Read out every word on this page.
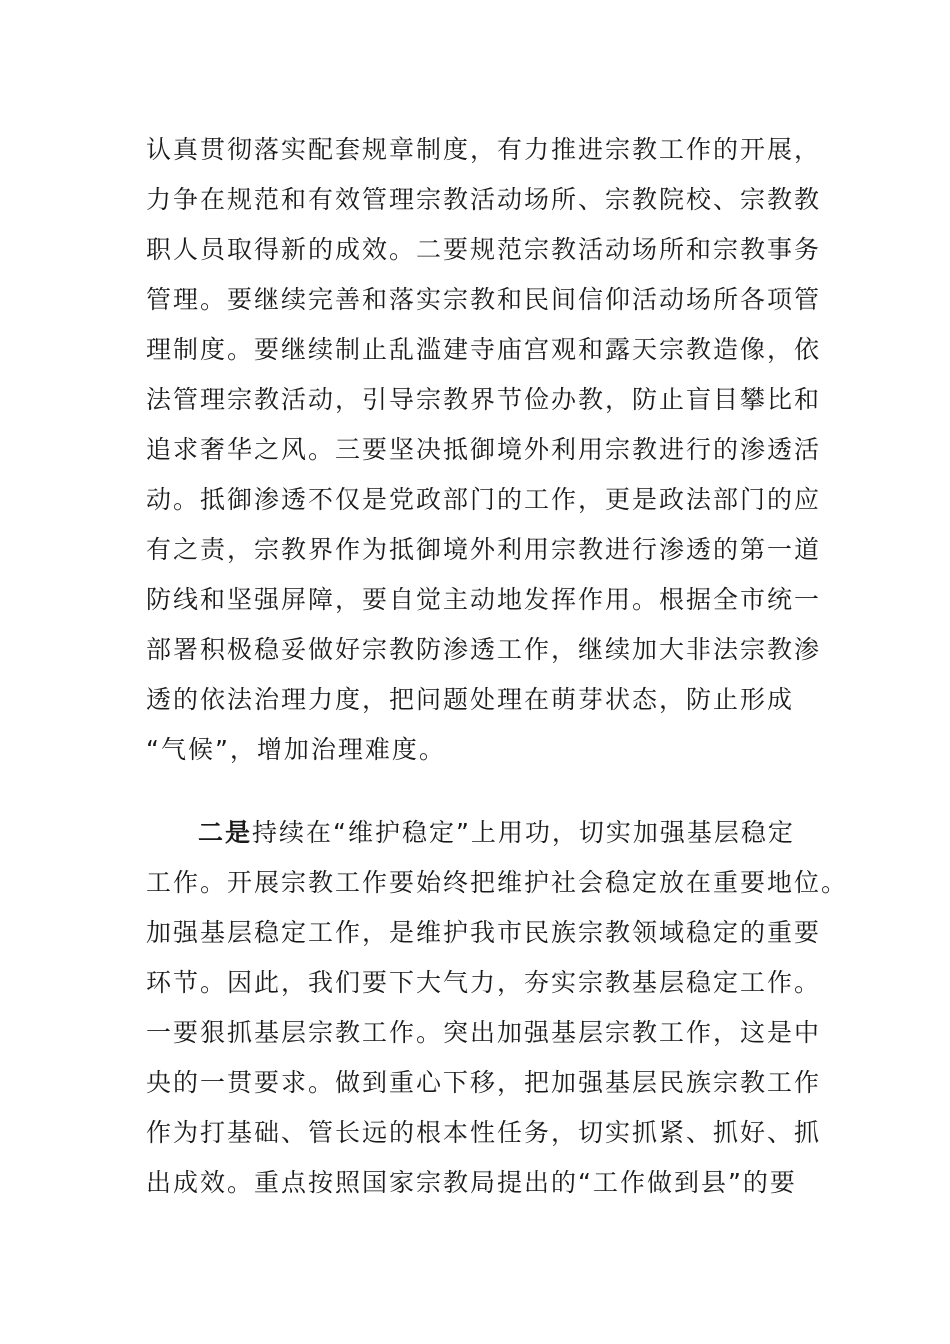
认真贯彻落实配套规章制度，有力推进宗教工作的开展，
力争在规范和有效管理宗教活动场所、宗教院校、宗教教
职人员取得新的成效。二要规范宗教活动场所和宗教事务
管理。要继续完善和落实宗教和民间信仰活动场所各项管
理制度。要继续制止乱滥建寺庙宫观和露天宗教造像，依
法管理宗教活动，引导宗教界节俭办教，防止盲目攀比和
追求奢华之风。三要坚决抵御境外利用宗教进行的渗透活
动。抵御渗透不仅是党政部门的工作，更是政法部门的应
有之责，宗教界作为抵御境外利用宗教进行渗透的第一道
防线和坚强屏障，要自觉主动地发挥作用。根据全市统一
部署积极稳妥做好宗教防渗透工作，继续加大非法宗教渗
透的依法治理力度，把问题处理在萌芽状态，防止形成
“气候”，增加治理难度。
二是持续在“维护稳定”上用功，切实加强基层稳定
工作。开展宗教工作要始终把维护社会稳定放在重要地位。
加强基层稳定工作，是维护我市民族宗教领域稳定的重要
环节。因此，我们要下大气力，夯实宗教基层稳定工作。
一要狠抓基层宗教工作。突出加强基层宗教工作，这是中
央的一贯要求。做到重心下移，把加强基层民族宗教工作
作为打基础、管长远的根本性任务，切实抓紧、抓好、抓
出成效。重点按照国家宗教局提出的“工作做到县”的要
